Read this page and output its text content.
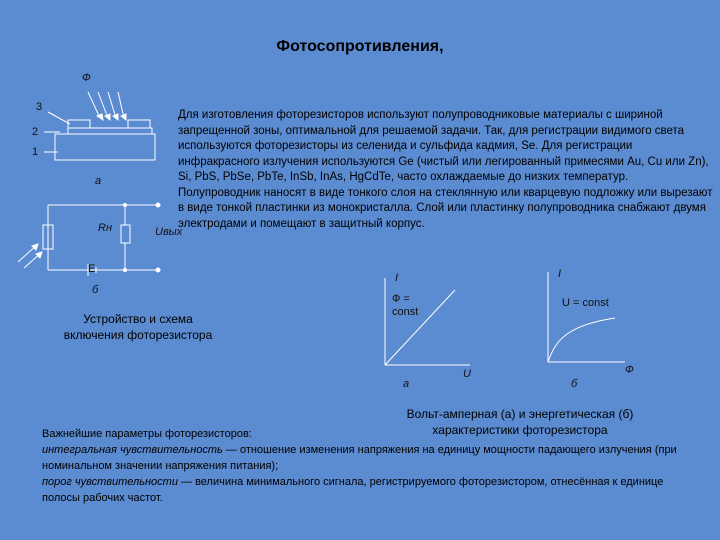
Фотосопротивления,
Ф
3
2
1
а
Rн	Uвых
E
б
Устройство и схема
включения фоторезистора
Для изготовления фоторезисторов используют полупроводниковые материалы с шириной запрещенной зоны, оптимальной для решаемой задачи. Так, для регистрации видимого света используются фоторезисторы из селенида и сульфида кадмия, Se. Для регистрации инфракрасного излучения используются Ge (чистый или легированный примесями Au, Cu или Zn), Si, PbS, PbSe, PbTe, InSb, InAs, HgCdTe, часто охлаждаемые до низких температур. Полупроводник наносят в виде тонкого слоя на стеклянную или кварцевую подложку или вырезают в виде тонкой пластинки из монокристалла. Слой или пластинку полупроводника снабжают двумя электродами и помещают в защитный корпус.
I
Ф =
const
U
а
I
U = const
Ф
б
Вольт-амперная (а) и энергетическая (б)
характеристики фоторезистора
Важнейшие параметры фоторезисторов:
интегральная чувствительность — отношение изменения напряжения на единицу мощности падающего излучения (при номинальном значении напряжения питания);
порог чувствительности — величина минимального сигнала, регистрируемого фоторезистором, отнесённая к единице полосы рабочих частот.
